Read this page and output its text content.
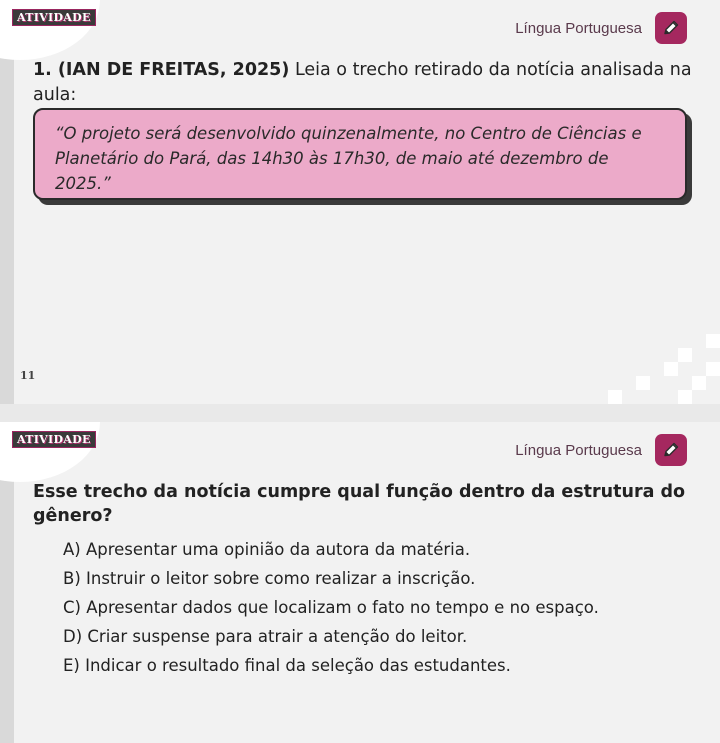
ATIVIDADE
Língua Portuguesa

1. (IAN DE FREITAS, 2025) Leia o trecho retirado da notícia analisada na aula:

“O projeto será desenvolvido quinzenalmente, no Centro de Ciências e Planetário do Pará, das 14h30 às 17h30, de maio até dezembro de 2025.”
11
ATIVIDADE
Língua Portuguesa

Esse trecho da notícia cumpre qual função dentro da estrutura do gênero?

A) Apresentar uma opinião da autora da matéria.
B) Instruir o leitor sobre como realizar a inscrição.
C) Apresentar dados que localizam o fato no tempo e no espaço.
D) Criar suspense para atrair a atenção do leitor.
E) Indicar o resultado final da seleção das estudantes.
